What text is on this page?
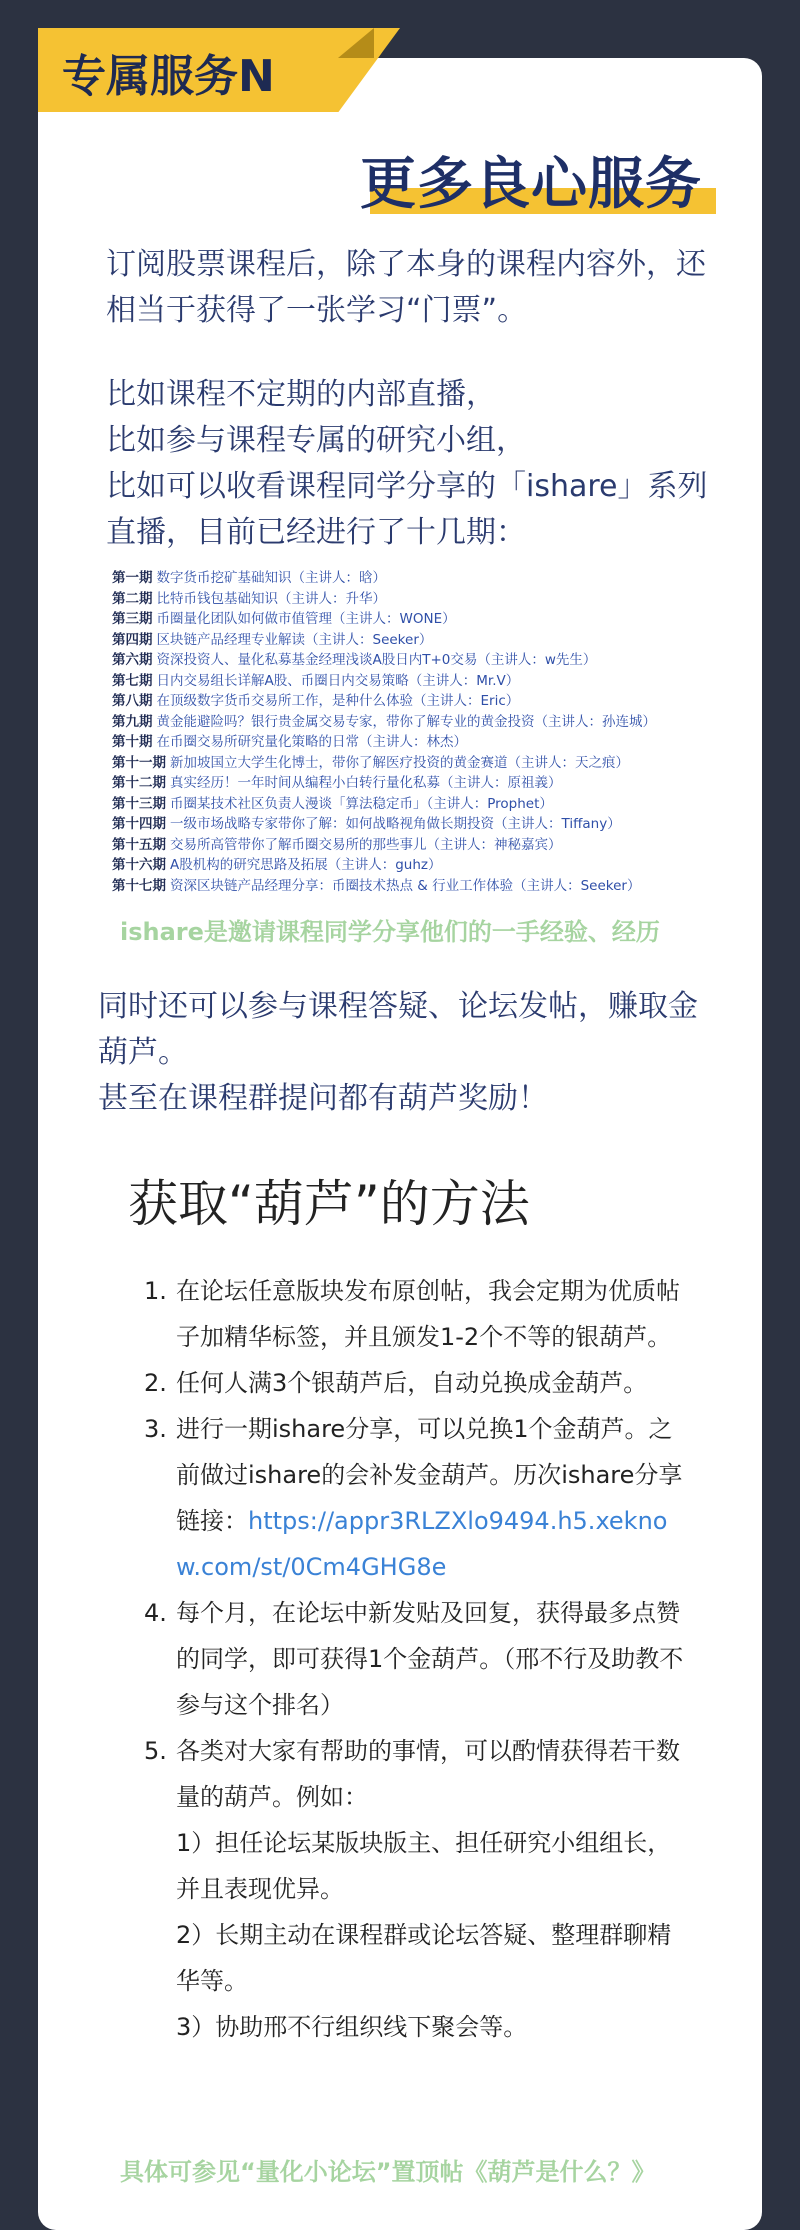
专属服务N
更多良心服务

订阅股票课程后，除了本身的课程内容外，还相当于获得了一张学习“门票”。

比如课程不定期的内部直播，
比如参与课程专属的研究小组，
比如可以收看课程同学分享的「ishare」系列直播，目前已经进行了十几期：
第一期 数字货币挖矿基础知识（主讲人：晗）
第二期 比特币钱包基础知识（主讲人：升华）
第三期 币圈量化团队如何做市值管理（主讲人：WONE）
第四期 区块链产品经理专业解读（主讲人：Seeker）
第六期 资深投资人、量化私募基金经理浅谈A股日内T+0交易（主讲人：w先生）
第七期 日内交易组长详解A股、币圈日内交易策略（主讲人：Mr.V）
第八期 在顶级数字货币交易所工作，是种什么体验（主讲人：Eric）
第九期 黄金能避险吗？银行贵金属交易专家，带你了解专业的黄金投资（主讲人：孙连城）
第十期 在币圈交易所研究量化策略的日常（主讲人：林杰）
第十一期 新加坡国立大学生化博士，带你了解医疗投资的黄金赛道（主讲人：天之痕）
第十二期 真实经历！一年时间从编程小白转行量化私募（主讲人：原祖義）
第十三期 币圈某技术社区负责人漫谈「算法稳定币」（主讲人：Prophet）
第十四期 一级市场战略专家带你了解：如何战略视角做长期投资（主讲人：Tiffany）
第十五期 交易所高管带你了解币圈交易所的那些事儿（主讲人：神秘嘉宾）
第十六期 A股机构的研究思路及拓展（主讲人：guhz）
第十七期 资深区块链产品经理分享：币圈技术热点 & 行业工作体验（主讲人：Seeker）
ishare是邀请课程同学分享他们的一手经验、经历
同时还可以参与课程答疑、论坛发帖，赚取金葫芦。
甚至在课程群提问都有葫芦奖励！
获取“葫芦”的方法
1. 在论坛任意版块发布原创帖，我会定期为优质帖子加精华标签，并且颁发1-2个不等的银葫芦。
2. 任何人满3个银葫芦后，自动兑换成金葫芦。
3. 进行一期ishare分享，可以兑换1个金葫芦。之前做过ishare的会补发金葫芦。历次ishare分享链接：https://appr3RLZXlo9494.h5.xeknow.com/st/0Cm4GHG8e
4. 每个月，在论坛中新发贴及回复，获得最多点赞的同学，即可获得1个金葫芦。（邢不行及助教不参与这个排名）
5. 各类对大家有帮助的事情，可以酌情获得若干数量的葫芦。例如：
1）担任论坛某版块版主、担任研究小组组长，并且表现优异。
2）长期主动在课程群或论坛答疑、整理群聊精华等。
3）协助邢不行组织线下聚会等。
具体可参见“量化小论坛”置顶帖《葫芦是什么？》
